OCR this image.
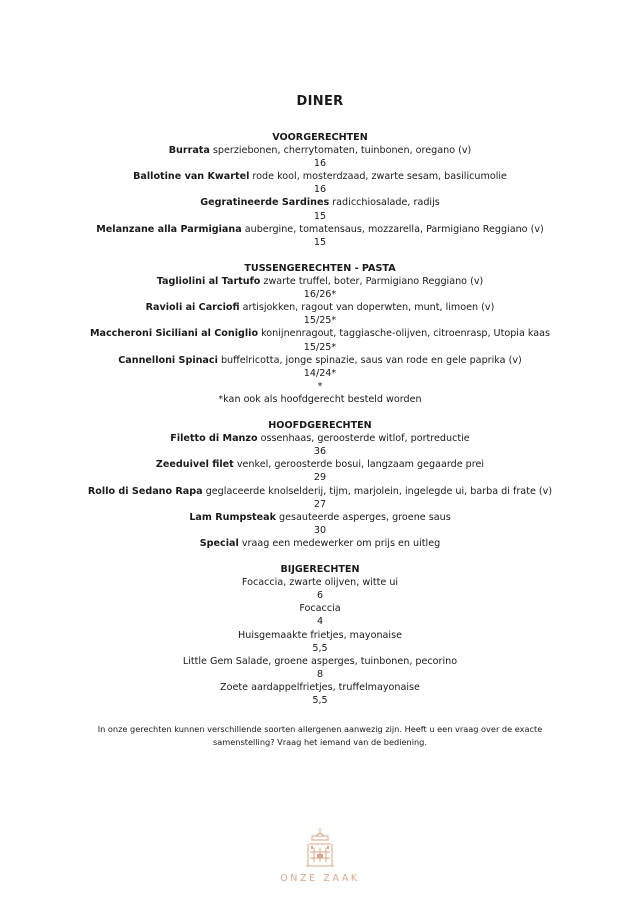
DINER
VOORGERECHTEN
Burrata sperziebonen, cherrytomaten, tuinbonen, oregano (v)
16
Ballotine van Kwartel rode kool, mosterdzaad, zwarte sesam, basilicumolie
16
Gegratineerde Sardines radicchiosalade, radijs
15
Melanzane alla Parmigiana aubergine, tomatensaus, mozzarella, Parmigiano Reggiano (v)
15
TUSSENGERECHTEN - PASTA
Tagliolini al Tartufo zwarte truffel, boter, Parmigiano Reggiano (v)
16/26*
Ravioli ai Carciofi artisjokken, ragout van doperwten, munt, limoen (v)
15/25*
Maccheroni Siciliani al Coniglio konijnenragout, taggiasche-olijven, citroenrasp, Utopia kaas
15/25*
Cannelloni Spinaci buffelricotta, jonge spinazie, saus van rode en gele paprika (v)
14/24*
*
*kan ook als hoofdgerecht besteld worden
HOOFDGERECHTEN
Filetto di Manzo ossenhaas, geroosterde witlof, portreductie
36
Zeeduivel filet venkel, geroosterde bosui, langzaam gegaarde prei
29
Rollo di Sedano Rapa geglaceerde knolselderij, tijm, marjolein, ingelegde ui, barba di frate (v)
27
Lam Rumpsteak gesauteerde asperges, groene saus
30
Special vraag een medewerker om prijs en uitleg
BIJGERECHTEN
Focaccia, zwarte olijven, witte ui
6
Focaccia
4
Huisgemaakte frietjes, mayonaise
5,5
Little Gem Salade, groene asperges, tuinbonen, pecorino
8
Zoete aardappelfrietjes, truffelmayonaise
5,5
In onze gerechten kunnen verschillende soorten allergenen aanwezig zijn. Heeft u een vraag over de exacte
samenstelling? Vraag het iemand van de bediening.
ONZE ZAAK
